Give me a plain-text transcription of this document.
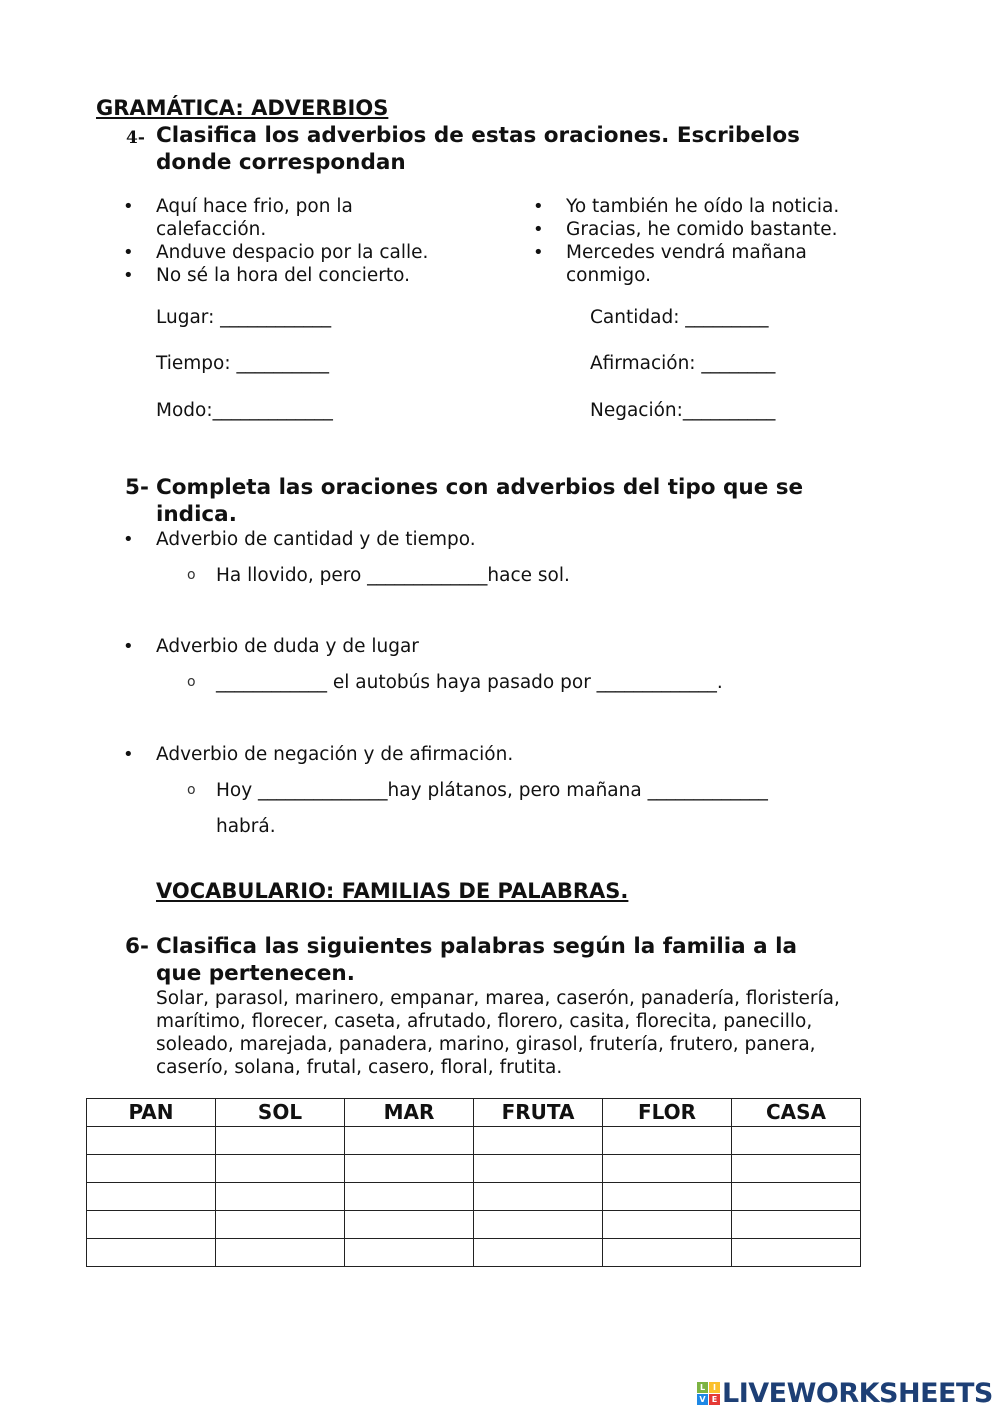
GRAMÁTICA: ADVERBIOS
4- Clasifica los adverbios de estas oraciones. Escribelos
donde correspondan
• Aquí hace frio, pon la
calefacción.
• Anduve despacio por la calle.
• No sé la hora del concierto.
• Yo también he oído la noticia.
• Gracias, he comido bastante.
• Mercedes vendrá mañana
conmigo.
Lugar: ____________
Tiempo: __________
Modo:_____________
Cantidad: _________
Afirmación: ________
Negación:__________
5- Completa las oraciones con adverbios del tipo que se
indica.
• Adverbio de cantidad y de tiempo.
o Ha llovido, pero _____________hace sol.
• Adverbio de duda y de lugar
o ____________ el autobús haya pasado por _____________.
• Adverbio de negación y de afirmación.
o Hoy ______________hay plátanos, pero mañana _____________
habrá.
VOCABULARIO: FAMILIAS DE PALABRAS.
6- Clasifica las siguientes palabras según la familia a la
que pertenecen.
Solar, parasol, marinero, empanar, marea, caserón, panadería, floristería,
marítimo, florecer, caseta, afrutado, florero, casita, florecita, panecillo,
soleado, marejada, panadera, marino, girasol, frutería, frutero, panera,
caserío, solana, frutal, casero, floral, frutita.
PAN	SOL	MAR	FRUTA	FLOR	CASA

L I
V E LIVEWORKSHEETS
